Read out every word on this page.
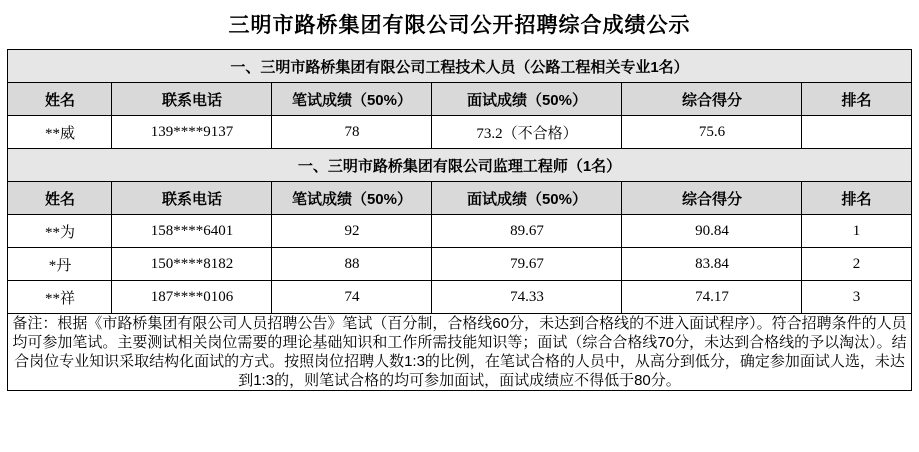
三明市路桥集团有限公司公开招聘综合成绩公示
一、三明市路桥集团有限公司工程技术人员（公路工程相关专业1名）					
姓名	联系电话	笔试成绩（50%）	面试成绩（50%）	综合得分	排名
**威	139****9137	78	73.2（不合格）	75.6	
一、三明市路桥集团有限公司监理工程师（1名）					
姓名	联系电话	笔试成绩（50%）	面试成绩（50%）	综合得分	排名
**为	158****6401	92	89.67	90.84	1
*丹	150****8182	88	79.67	83.84	2
**祥	187****0106	74	74.33	74.17	3
备注：根据《市路桥集团有限公司人员招聘公告》笔试（百分制，合格线60分，未达到合格线的不进入面试程序）。符合招聘条件的人员均可参加笔试。主要测试相关岗位需要的理论基础知识和工作所需技能知识等；面试（综合合格线70分，未达到合格线的予以淘汰）。结合岗位专业知识采取结构化面试的方式。按照岗位招聘人数1:3的比例，在笔试合格的人员中，从高分到低分，确定参加面试人选，未达到1:3的，则笔试合格的均可参加面试，面试成绩应不得低于80分。					
